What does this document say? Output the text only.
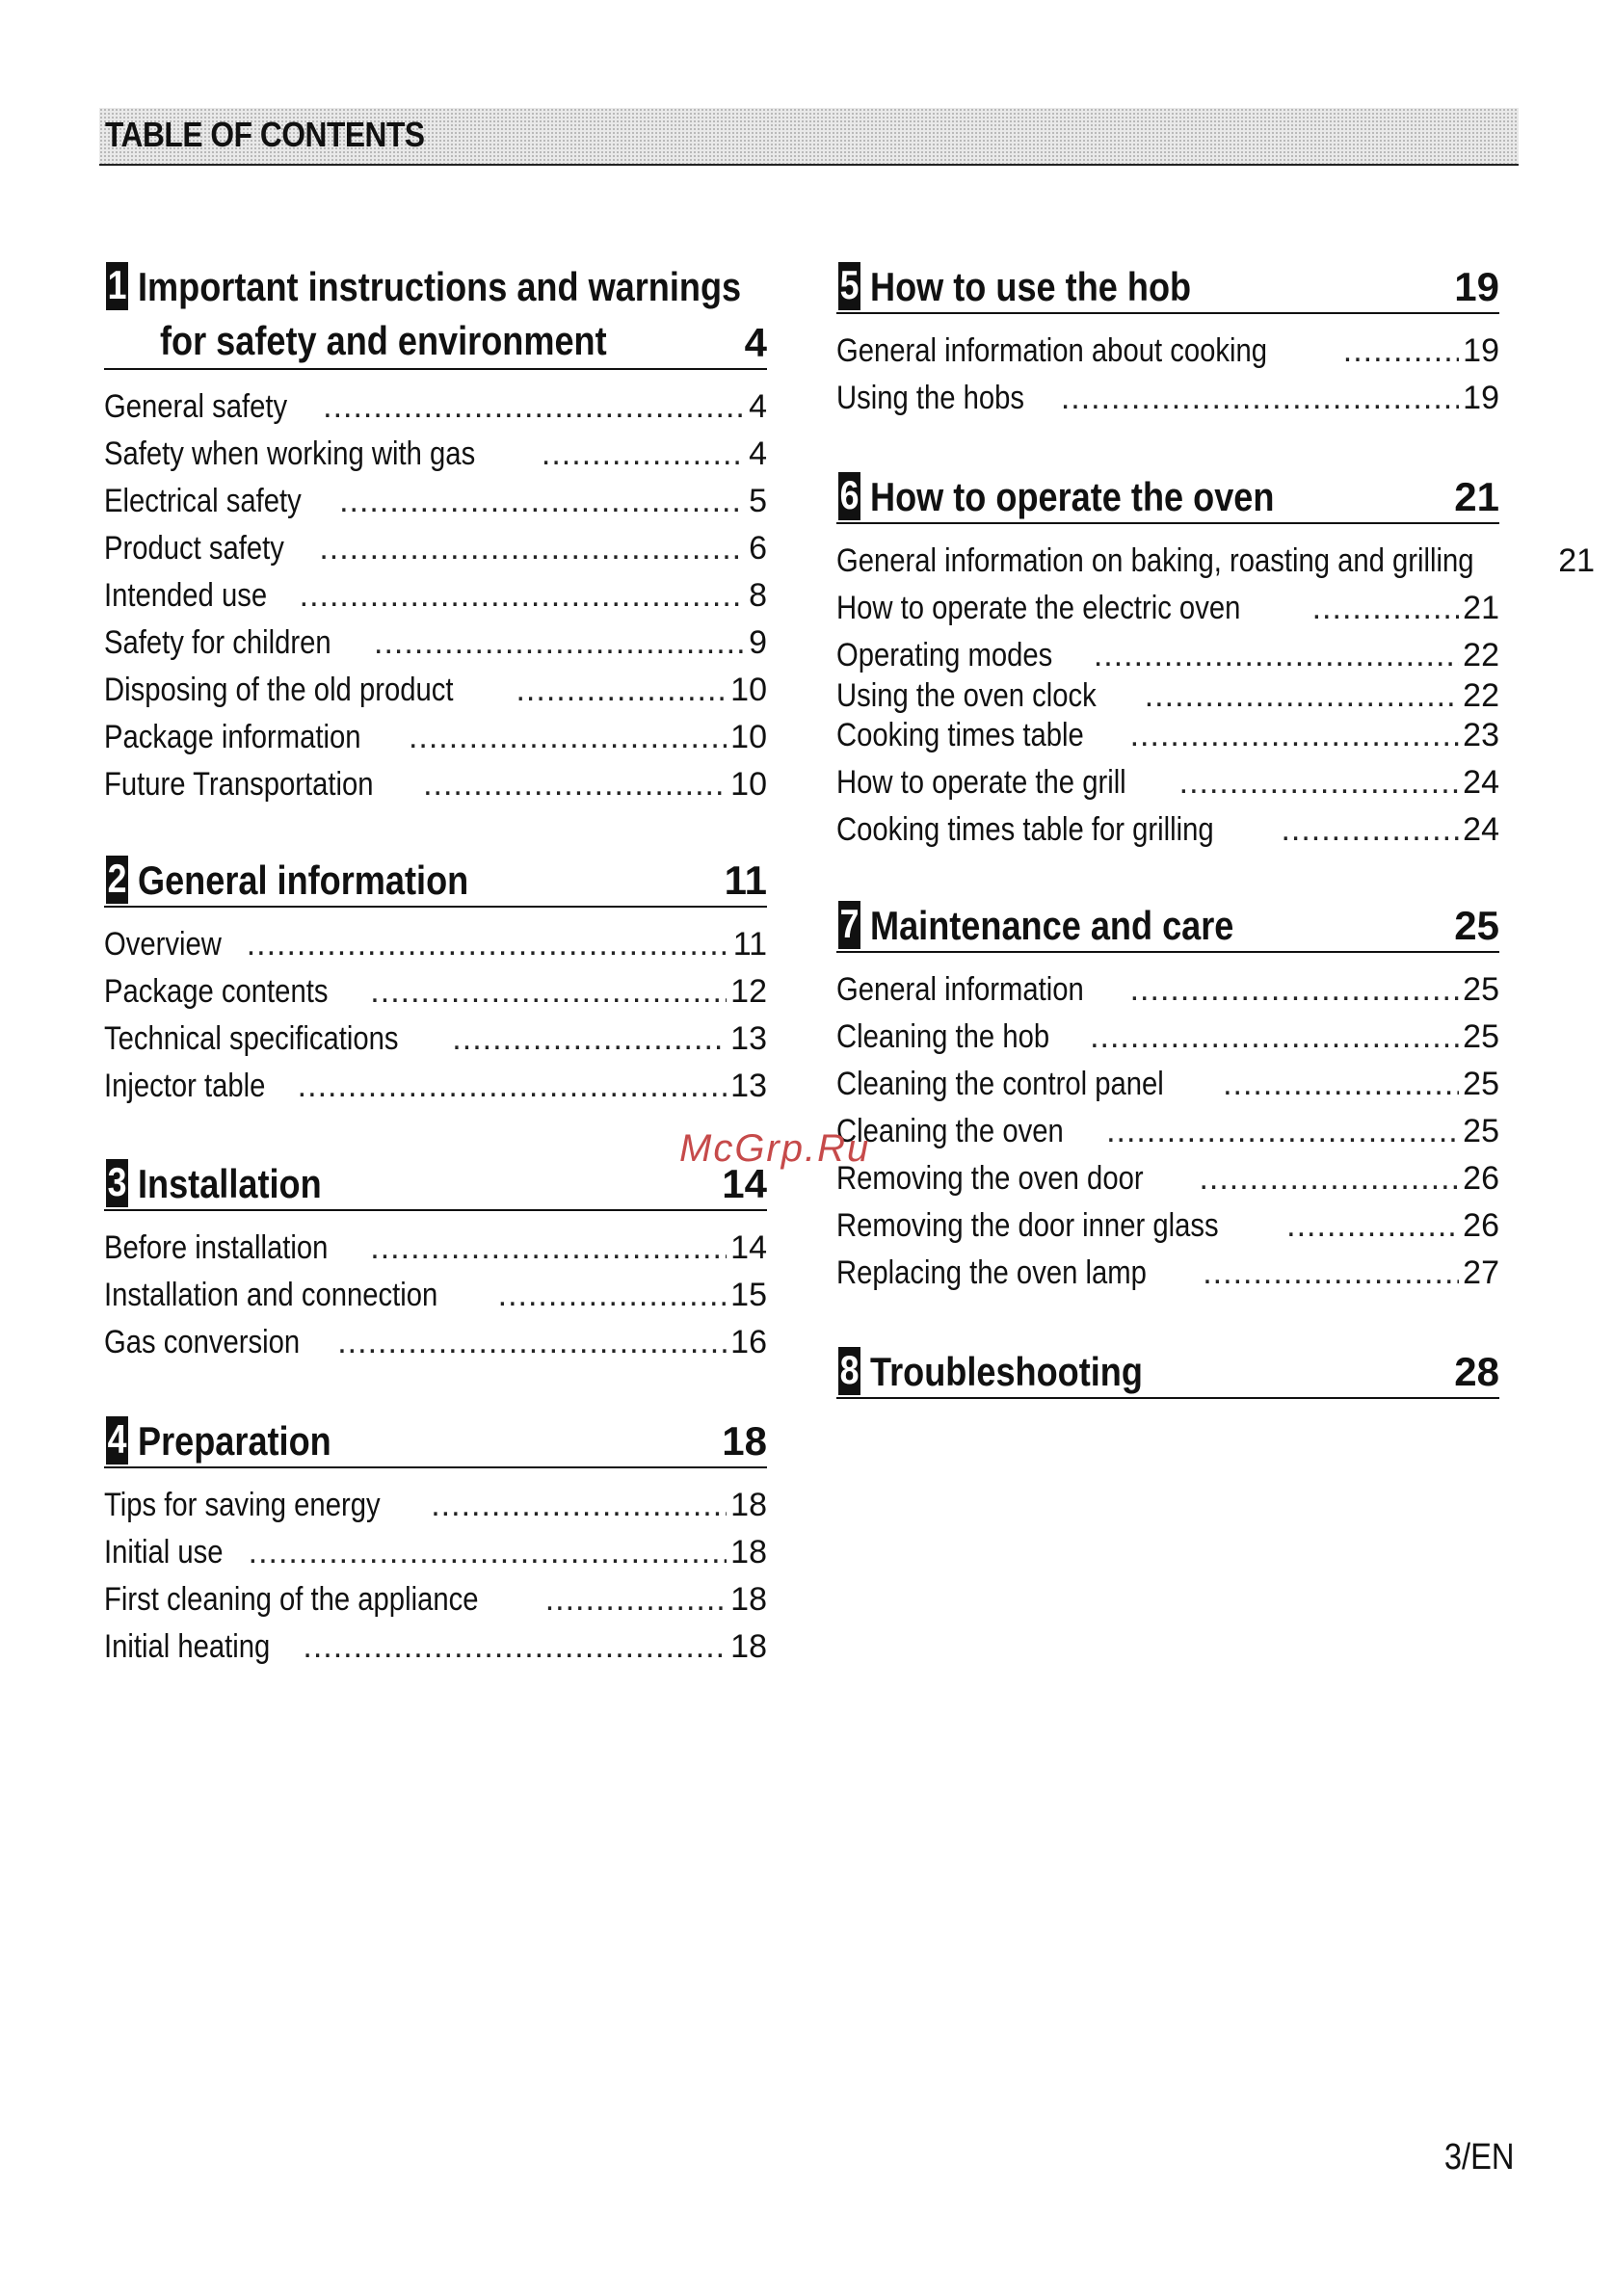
TABLE OF CONTENTS
1 Important instructions and warnings
for safety and environment	4
General safety .....	4
Safety when working with gas .....	4
Electrical safety .....	5
Product safety .....	6
Intended use .....	8
Safety for children .....	9
Disposing of the old product .....	10
Package information .....	10
Future Transportation .....	10
2 General information	11
Overview .....	11
Package contents .....	12
Technical specifications .....	13
Injector table .....	13
3 Installation	14
Before installation .....	14
Installation and connection .....	15
Gas conversion .....	16
4 Preparation	18
Tips for saving energy .....	18
Initial use .....	18
First cleaning of the appliance .....	18
Initial heating .....	18
5 How to use the hob	19
General information about cooking .....	19
Using the hobs .....	19
6 How to operate the oven	21
General information on baking, roasting and grilling	21
How to operate the electric oven .....	21
Operating modes .....	22
Using the oven clock .....	22
Cooking times table .....	23
How to operate the grill .....	24
Cooking times table for grilling .....	24
7 Maintenance and care	25
General information .....	25
Cleaning the hob .....	25
Cleaning the control panel .....	25
Cleaning the oven .....	25
Removing the oven door .....	26
Removing the door inner glass .....	26
Replacing the oven lamp .....	27
8 Troubleshooting	28
McGrp.Ru
3/EN
